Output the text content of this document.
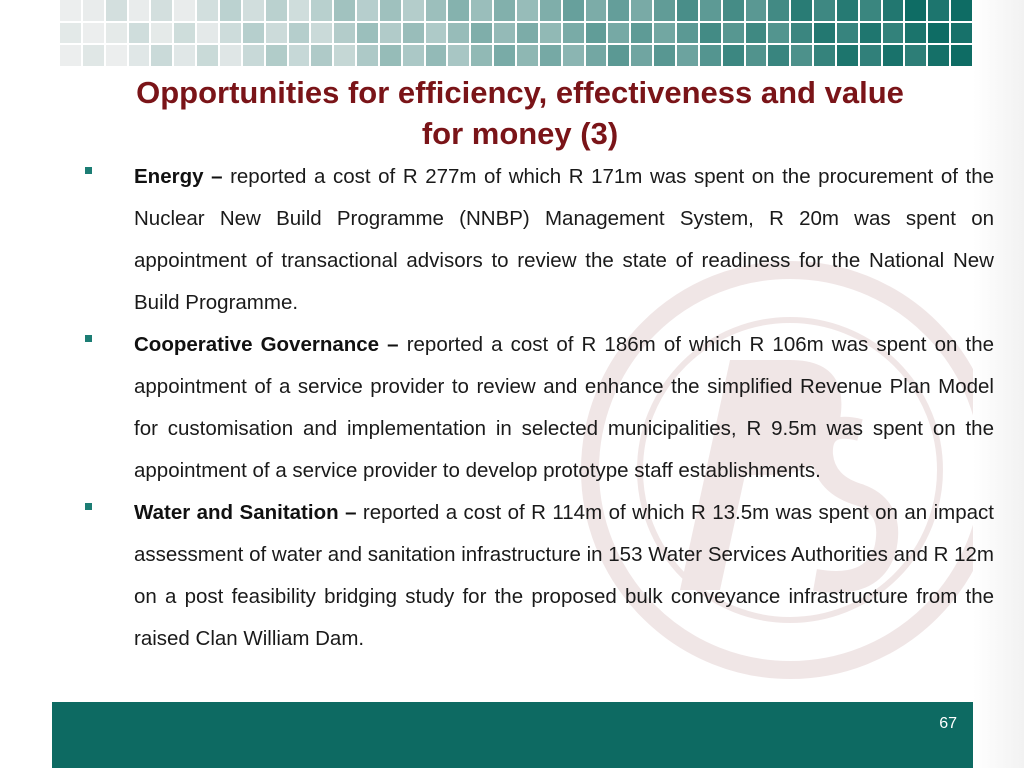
Opportunities for efficiency, effectiveness and value
for money (3)

Energy – reported a cost of R 277m of which R 171m was spent on the procurement of the Nuclear New Build Programme (NNBP) Management System, R 20m was spent on appointment of transactional advisors to review the state of readiness for the National New Build Programme.

Cooperative Governance – reported a cost of R 186m of which R 106m was spent on the appointment of a service provider to review and enhance the simplified Revenue Plan Model for customisation and implementation in selected municipalities, R 9.5m was spent on the appointment of a service provider to develop prototype staff establishments.

Water and Sanitation – reported a cost of R 114m of which R 13.5m was spent on an impact assessment of water and sanitation infrastructure in 153 Water Services Authorities and R 12m on a post feasibility bridging study for the proposed bulk conveyance infrastructure from the raised Clan William Dam.

67
